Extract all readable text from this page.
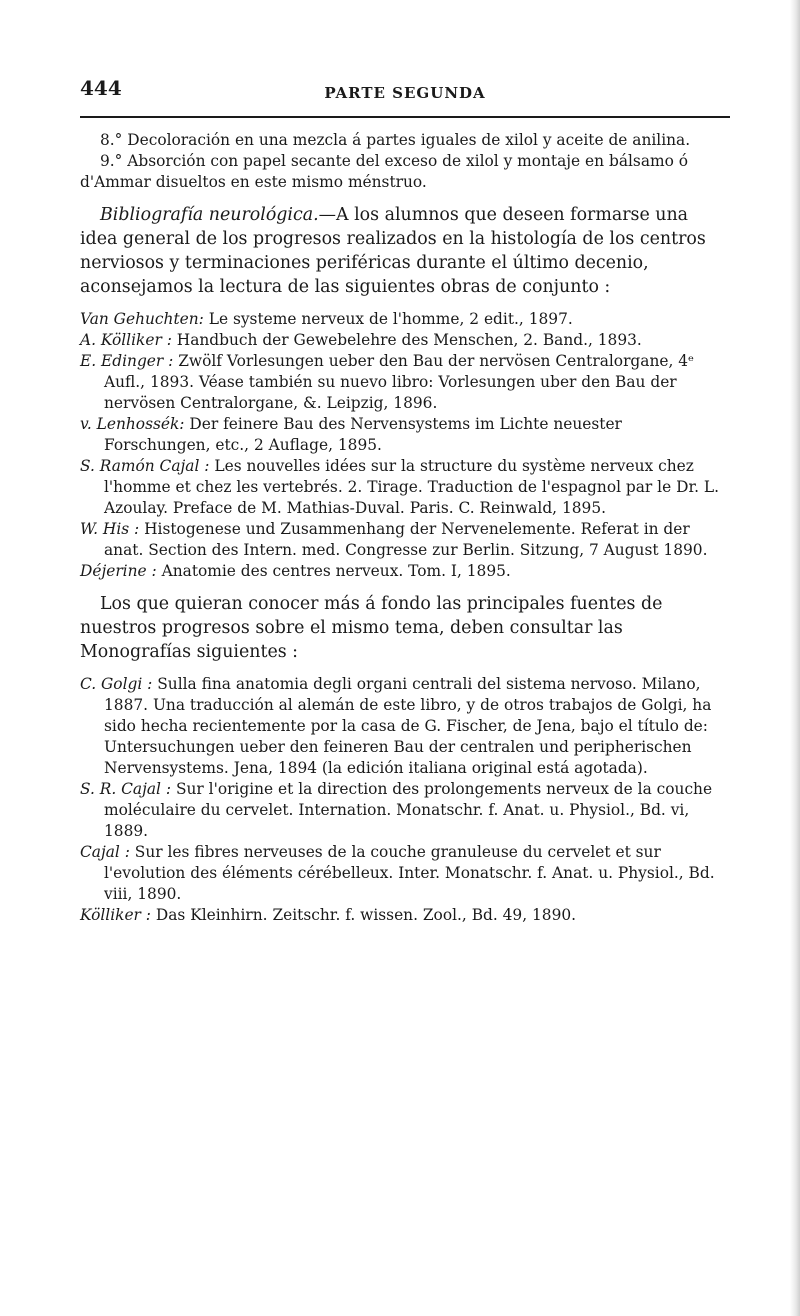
444	PARTE SEGUNDA

8.° Decoloración en una mezcla á partes iguales de xilol y aceite de anilina.

9.° Absorción con papel secante del exceso de xilol y montaje en bálsamo ó d'Ammar disueltos en este mismo ménstruo.

Bibliografía neurológica.—A los alumnos que deseen formarse una idea general de los progresos realizados en la histología de los centros nerviosos y terminaciones periféricas durante el último decenio, aconsejamos la lectura de las siguientes obras de conjunto :

Van Gehuchten: Le systeme nerveux de l'homme, 2 edit., 1897.

A. Kölliker : Handbuch der Gewebelehre des Menschen, 2. Band., 1893.

E. Edinger : Zwölf Vorlesungen ueber den Bau der nervösen Centralorgane, 4ᵉ Aufl., 1893. Véase también su nuevo libro: Vorlesungen uber den Bau der nervösen Centralorgane, &. Leipzig, 1896.

v. Lenhossék: Der feinere Bau des Nervensystems im Lichte neuester Forschungen, etc., 2 Auflage, 1895.

S. Ramón Cajal : Les nouvelles idées sur la structure du système nerveux chez l'homme et chez les vertebrés. 2. Tirage. Traduction de l'espagnol par le Dr. L. Azoulay. Preface de M. Mathias-Duval. Paris. C. Reinwald, 1895.

W. His : Histogenese und Zusammenhang der Nervenelemente. Referat in der anat. Section des Intern. med. Congresse zur Berlin. Sitzung, 7 August 1890.

Déjerine : Anatomie des centres nerveux. Tom. I, 1895.

Los que quieran conocer más á fondo las principales fuentes de nuestros progresos sobre el mismo tema, deben consultar las Monografías siguientes :

C. Golgi : Sulla fina anatomia degli organi centrali del sistema nervoso. Milano, 1887. Una traducción al alemán de este libro, y de otros trabajos de Golgi, ha sido hecha recientemente por la casa de G. Fischer, de Jena, bajo el título de: Untersuchungen ueber den feineren Bau der centralen und peripherischen Nervensystems. Jena, 1894 (la edición italiana original está agotada).

S. R. Cajal : Sur l'origine et la direction des prolongements nerveux de la couche moléculaire du cervelet. Internation. Monatschr. f. Anat. u. Physiol., Bd. vi, 1889.

Cajal : Sur les fibres nerveuses de la couche granuleuse du cervelet et sur l'evolution des éléments cérébelleux. Inter. Monatschr. f. Anat. u. Physiol., Bd. viii, 1890.

Kölliker : Das Kleinhirn. Zeitschr. f. wissen. Zool., Bd. 49, 1890.
